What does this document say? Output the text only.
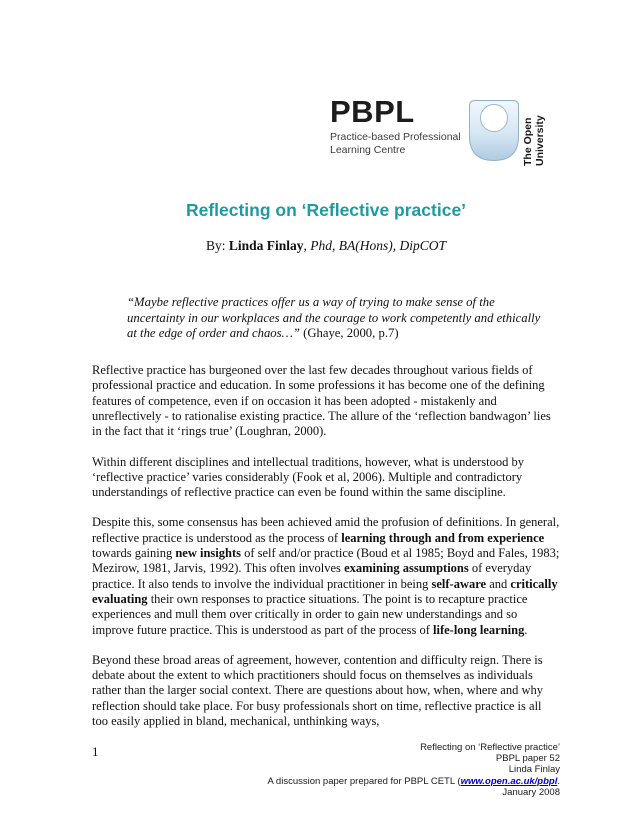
PBPL
Practice-based Professional
Learning Centre	The Open University
Reflecting on ‘Reflective practice’
By: Linda Finlay, Phd, BA(Hons), DipCOT
“Maybe reflective practices offer us a way of trying to make sense of the uncertainty in our workplaces and the courage to work competently and ethically at the edge of order and chaos…” (Ghaye, 2000, p.7)

Reflective practice has burgeoned over the last few decades throughout various fields of professional practice and education. In some professions it has become one of the defining features of competence, even if on occasion it has been adopted - mistakenly and unreflectively - to rationalise existing practice. The allure of the ‘reflection bandwagon’ lies in the fact that it ‘rings true’ (Loughran, 2000).

Within different disciplines and intellectual traditions, however, what is understood by ‘reflective practice’ varies considerably (Fook et al, 2006). Multiple and contradictory understandings of reflective practice can even be found within the same discipline.

Despite this, some consensus has been achieved amid the profusion of definitions. In general, reflective practice is understood as the process of learning through and from experience towards gaining new insights of self and/or practice (Boud et al 1985; Boyd and Fales, 1983; Mezirow, 1981, Jarvis, 1992). This often involves examining assumptions of everyday practice. It also tends to involve the individual practitioner in being self-aware and critically evaluating their own responses to practice situations. The point is to recapture practice experiences and mull them over critically in order to gain new understandings and so improve future practice. This is understood as part of the process of life-long learning.

Beyond these broad areas of agreement, however, contention and difficulty reign. There is debate about the extent to which practitioners should focus on themselves as individuals rather than the larger social context. There are questions about how, when, where and why reflection should take place. For busy professionals short on time, reflective practice is all too easily applied in bland, mechanical, unthinking ways,

1	Reflecting on ‘Reflective practice’
PBPL paper 52
Linda Finlay
A discussion paper prepared for PBPL CETL (www.open.ac.uk/pbpl.
January 2008
